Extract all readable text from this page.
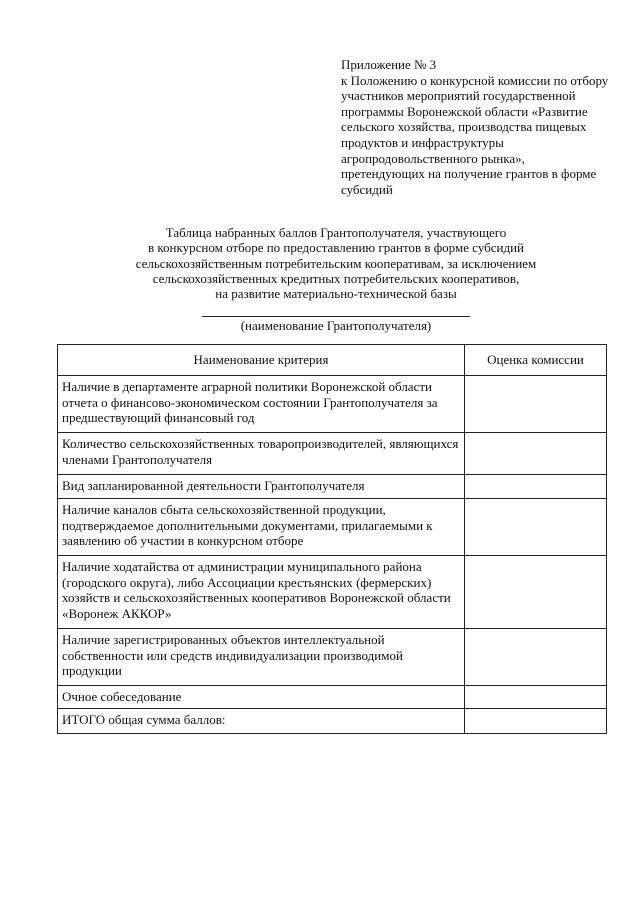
Приложение № 3
к Положению о конкурсной комиссии по отбору
участников мероприятий государственной
программы Воронежской области «Развитие
сельского хозяйства, производства пищевых
продуктов и инфраструктуры
агропродовольственного рынка»,
претендующих на получение грантов в форме
субсидий
Таблица набранных баллов Грантополучателя, участвующего
в конкурсном отборе по предоставлению грантов в форме субсидий
сельскохозяйственным потребительским кооперативам, за исключением
сельскохозяйственных кредитных потребительских кооперативов,
на развитие материально-технической базы
(наименование Грантополучателя)
Наименование критерия	Оценка комиссии
Наличие в департаменте аграрной политики Воронежской области отчета о финансово-экономическом состоянии Грантополучателя за предшествующий финансовый год	
Количество сельскохозяйственных товаропроизводителей, являющихся членами Грантополучателя	
Вид запланированной деятельности Грантополучателя	
Наличие каналов сбыта сельскохозяйственной продукции, подтверждаемое дополнительными документами, прилагаемыми к заявлению об участии в конкурсном отборе	
Наличие ходатайства от администрации муниципального района (городского округа), либо Ассоциации крестьянских (фермерских) хозяйств и сельскохозяйственных кооперативов Воронежской области «Воронеж АККОР»	
Наличие зарегистрированных объектов интеллектуальной собственности или средств индивидуализации производимой продукции	
Очное собеседование	
ИТОГО общая сумма баллов:	
